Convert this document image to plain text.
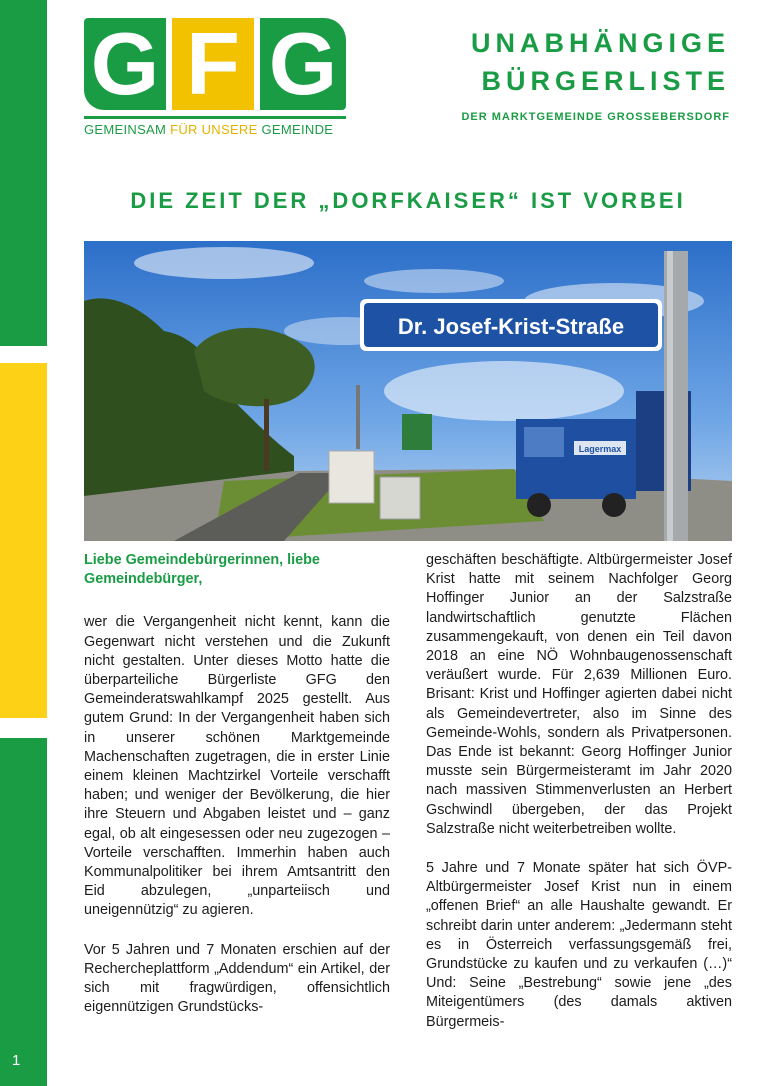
1
G F G
GEMEINSAM FÜR UNSERE GEMEINDE
UNABHÄNGIGE
BÜRGERLISTE
DER MARKTGEMEINDE GROSSEBERSDORF
DIE ZEIT DER „DORFKAISER“ IST VORBEI
Dr. Josef-Krist-Straße
Lagermax

Liebe Gemeindebürgerinnen, liebe Gemeindebürger,

wer die Vergangenheit nicht kennt, kann die Gegenwart nicht verstehen und die Zukunft nicht gestalten. Unter dieses Motto hatte die überparteiliche Bürgerliste GFG den Gemeinderatswahlkampf 2025 gestellt. Aus gutem Grund: In der Vergangenheit haben sich in unserer schönen Marktgemeinde Machenschaften zugetragen, die in erster Linie einem kleinen Machtzirkel Vorteile verschafft haben; und weniger der Bevölkerung, die hier ihre Steuern und Abgaben leistet und – ganz egal, ob alt eingesessen oder neu zugezogen – Vorteile verschafften. Immerhin haben auch Kommunalpolitiker bei ihrem Amtsantritt den Eid abzulegen, „unparteiisch und uneigennützig“ zu agieren.

Vor 5 Jahren und 7 Monaten erschien auf der Rechercheplattform „Addendum“ ein Artikel, der sich mit fragwürdigen, offensichtlich eigennützigen Grundstücks-

geschäften beschäftigte. Altbürgermeister Josef Krist hatte mit seinem Nachfolger Georg Hoffinger Junior an der Salzstraße landwirtschaftlich genutzte Flächen zusammengekauft, von denen ein Teil davon 2018 an eine NÖ Wohnbaugenossenschaft veräußert wurde. Für 2,639 Millionen Euro. Brisant: Krist und Hoffinger agierten dabei nicht als Gemeindevertreter, also im Sinne des Gemeinde-Wohls, sondern als Privatpersonen. Das Ende ist bekannt: Georg Hoffinger Junior musste sein Bürgermeisteramt im Jahr 2020 nach massiven Stimmenverlusten an Herbert Gschwindl übergeben, der das Projekt Salzstraße nicht weiterbetreiben wollte.

5 Jahre und 7 Monate später hat sich ÖVP-Altbürgermeister Josef Krist nun in einem „offenen Brief“ an alle Haushalte gewandt. Er schreibt darin unter anderem: „Jedermann steht es in Österreich verfassungsgemäß frei, Grundstücke zu kaufen und zu verkaufen (…)“ Und: Seine „Bestrebung“ sowie jene „des Miteigentümers (des damals aktiven Bürgermeis-
